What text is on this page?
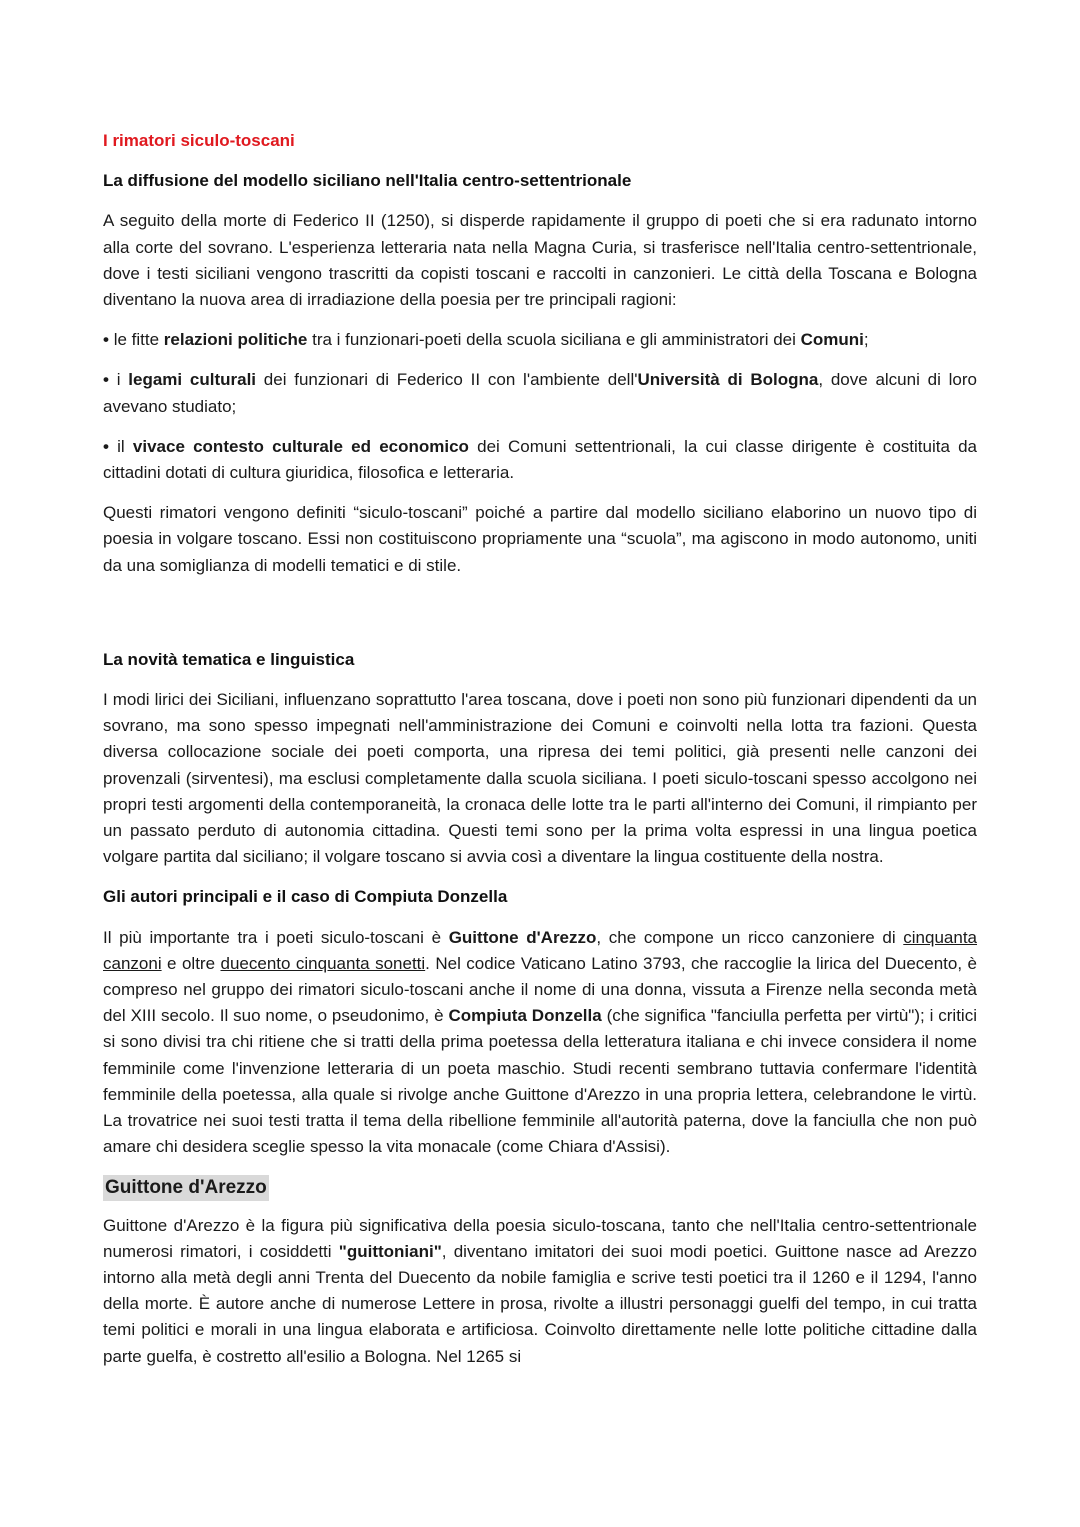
I rimatori siculo-toscani
La diffusione del modello siciliano nell'Italia centro-settentrionale

A seguito della morte di Federico II (1250), si disperde rapidamente il gruppo di poeti che si era radunato intorno alla corte del sovrano. L'esperienza letteraria nata nella Magna Curia, si trasferisce nell'Italia centro-settentrionale, dove i testi siciliani vengono trascritti da copisti toscani e raccolti in canzonieri. Le città della Toscana e Bologna diventano la nuova area di irradiazione della poesia per tre principali ragioni:

• le fitte relazioni politiche tra i funzionari-poeti della scuola siciliana e gli amministratori dei Comuni;
• i legami culturali dei funzionari di Federico II con l'ambiente dell'Università di Bologna, dove alcuni di loro avevano studiato;
• il vivace contesto culturale ed economico dei Comuni settentrionali, la cui classe dirigente è costituita da cittadini dotati di cultura giuridica, filosofica e letteraria.

Questi rimatori vengono definiti “siculo-toscani” poiché a partire dal modello siciliano elaborino un nuovo tipo di poesia in volgare toscano. Essi non costituiscono propriamente una “scuola”, ma agiscono in modo autonomo, uniti da una somiglianza di modelli tematici e di stile.

La novità tematica e linguistica

I modi lirici dei Siciliani, influenzano soprattutto l'area toscana, dove i poeti non sono più funzionari dipendenti da un sovrano, ma sono spesso impegnati nell'amministrazione dei Comuni e coinvolti nella lotta tra fazioni. Questa diversa collocazione sociale dei poeti comporta, una ripresa dei temi politici, già presenti nelle canzoni dei provenzali (sirventesi), ma esclusi completamente dalla scuola siciliana. I poeti siculo-toscani spesso accolgono nei propri testi argomenti della contemporaneità, la cronaca delle lotte tra le parti all'interno dei Comuni, il rimpianto per un passato perduto di autonomia cittadina. Questi temi sono per la prima volta espressi in una lingua poetica volgare partita dal siciliano; il volgare toscano si avvia così a diventare la lingua costituente della nostra.

Gli autori principali e il caso di Compiuta Donzella

Il più importante tra i poeti siculo-toscani è Guittone d'Arezzo, che compone un ricco canzoniere di cinquanta canzoni e oltre duecento cinquanta sonetti. Nel codice Vaticano Latino 3793, che raccoglie la lirica del Duecento, è compreso nel gruppo dei rimatori siculo-toscani anche il nome di una donna, vissuta a Firenze nella seconda metà del XIII secolo. Il suo nome, o pseudonimo, è Compiuta Donzella (che significa "fanciulla perfetta per virtù"); i critici si sono divisi tra chi ritiene che si tratti della prima poetessa della letteratura italiana e chi invece considera il nome femminile come l'invenzione letteraria di un poeta maschio. Studi recenti sembrano tuttavia confermare l'identità femminile della poetessa, alla quale si rivolge anche Guittone d'Arezzo in una propria lettera, celebrandone le virtù. La trovatrice nei suoi testi tratta il tema della ribellione femminile all'autorità paterna, dove la fanciulla che non può amare chi desidera sceglie spesso la vita monacale (come Chiara d'Assisi).

Guittone d'Arezzo

Guittone d'Arezzo è la figura più significativa della poesia siculo-toscana, tanto che nell'Italia centro-settentrionale numerosi rimatori, i cosiddetti "guittoniani", diventano imitatori dei suoi modi poetici. Guittone nasce ad Arezzo intorno alla metà degli anni Trenta del Duecento da nobile famiglia e scrive testi poetici tra il 1260 e il 1294, l'anno della morte. È autore anche di numerose Lettere in prosa, rivolte a illustri personaggi guelfi del tempo, in cui tratta temi politici e morali in una lingua elaborata e artificiosa. Coinvolto direttamente nelle lotte politiche cittadine dalla parte guelfa, è costretto all'esilio a Bologna. Nel 1265 si
